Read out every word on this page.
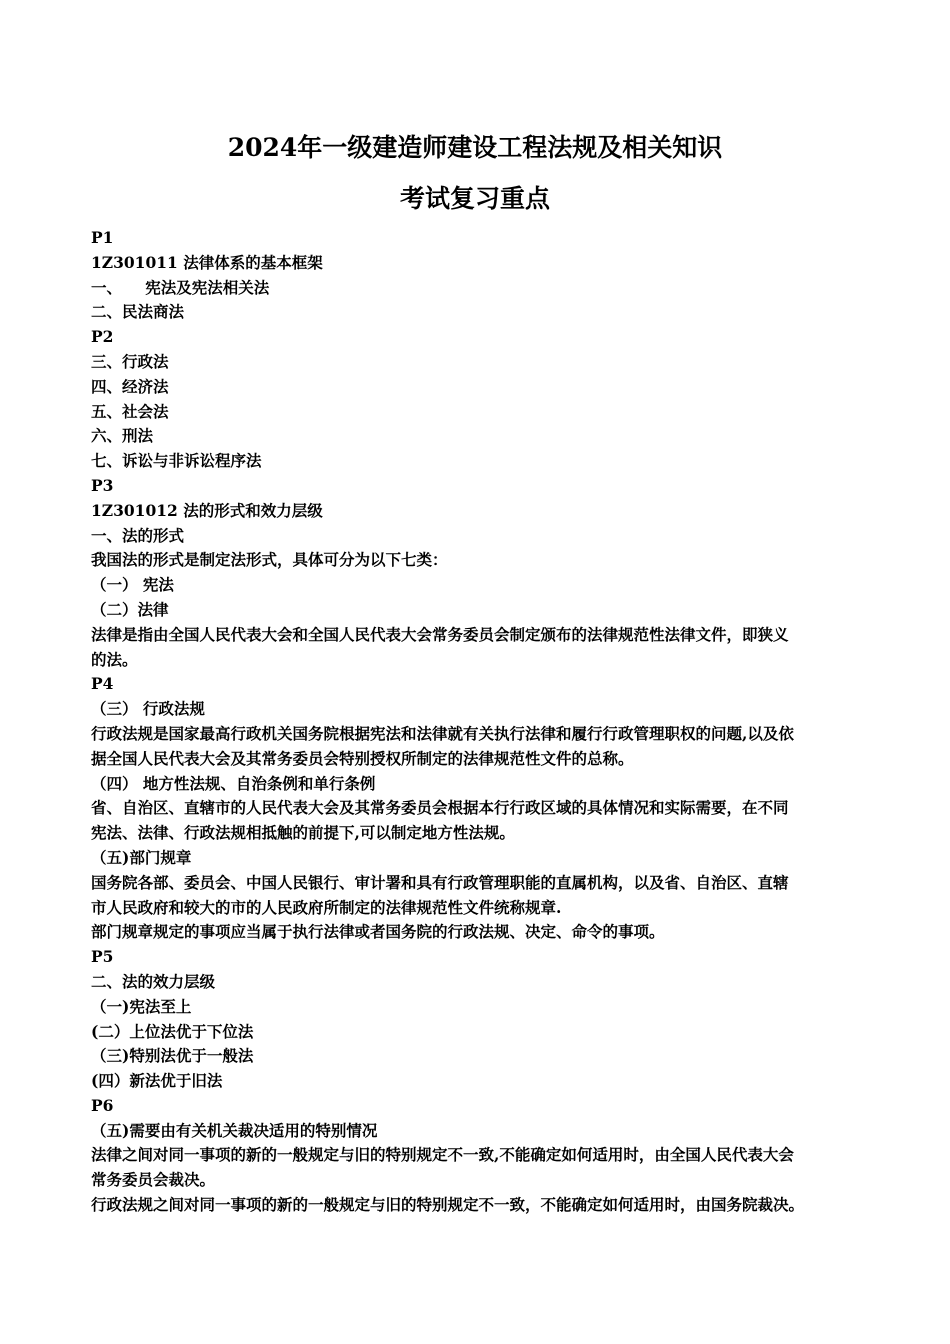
2024年一级建造师建设工程法规及相关知识
考试复习重点
P1
1Z301011 法律体系的基本框架
一、　　宪法及宪法相关法
二、民法商法
P2
三、行政法
四、经济法
五、社会法
六、刑法
七、诉讼与非诉讼程序法
P3
1Z301012 法的形式和效力层级
一、法的形式
我国法的形式是制定法形式，具体可分为以下七类：
（一） 宪法
（二）法律
法律是指由全国人民代表大会和全国人民代表大会常务委员会制定颁布的法律规范性法律文件，即狭义
的法。
P4
（三） 行政法规
行政法规是国家最高行政机关国务院根据宪法和法律就有关执行法律和履行行政管理职权的问题,以及依
据全国人民代表大会及其常务委员会特别授权所制定的法律规范性文件的总称。
（四） 地方性法规、自治条例和单行条例
省、自治区、直辖市的人民代表大会及其常务委员会根据本行行政区域的具体情况和实际需要，在不同
宪法、法律、行政法规相抵触的前提下,可以制定地方性法规。
（五)部门规章
国务院各部、委员会、中国人民银行、审计署和具有行政管理职能的直属机构，以及省、自治区、直辖
市人民政府和较大的市的人民政府所制定的法律规范性文件统称规章.
部门规章规定的事项应当属于执行法律或者国务院的行政法规、决定、命令的事项。
P5
二、法的效力层级
（一)宪法至上
(二）上位法优于下位法
（三)特别法优于一般法
(四）新法优于旧法
P6
（五)需要由有关机关裁决适用的特别情况
法律之间对同一事项的新的一般规定与旧的特别规定不一致,不能确定如何适用时，由全国人民代表大会
常务委员会裁决。
行政法规之间对同一事项的新的一般规定与旧的特别规定不一致，不能确定如何适用时，由国务院裁决。
